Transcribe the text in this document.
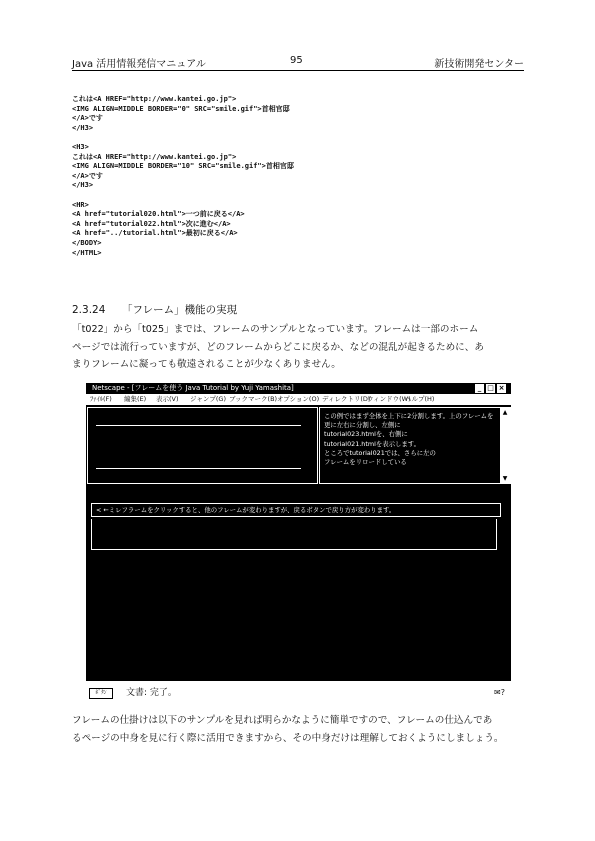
Java 活用情報発信マニュアル	95	新技術開発センター
これは<A HREF="http://www.kantei.go.jp">
<IMG ALIGN=MIDDLE BORDER="0" SRC="smile.gif">首相官邸
</A>です
</H3>
<H3>
これは<A HREF="http://www.kantei.go.jp">
<IMG ALIGN=MIDDLE BORDER="10" SRC="smile.gif">首相官邸
</A>です
</H3>
<HR>
<A href="tutorial020.html">一つ前に戻る</A>
<A href="tutorial022.html">次に進む</A>
<A href="../tutorial.html">最初に戻る</A>
</BODY>
</HTML>
2.3.24 「フレーム」機能の実現
「t022」から「t025」までは、フレームのサンプルとなっています。フレームは一部のホーム
ページでは流行っていますが、どのフレームからどこに戻るか、などの混乱が起きるために、あ
まりフレームに凝っても敬遠されることが少なくありません。
Netscape - [フレームを使う Java Tutorial by Yuji Yamashita]	_ □ ×
ﾌｧｲﾙ(F) 編集(E) 表示(V) ジャンプ(G) ブックマーク(B) オプション(O) ディレクトリ(D)
ウィンドウ(W)
ヘルプ(H)
この例ではまず全体を上下に2分割します。上のフレームを更に左右に分割し、左側に
tutorial023.htmlを、右側に
tutorial021.htmlを表示します。
ところでtutorial021では、さらに左の
フレームをリロードしている
▲
▼
< ←ミレフラームをクリックすると、他のフレームが変わりますが、戻るボタンで戻り方が変わります。
ﾎﾞﾀﾝ	文書: 完了。	✉?
フレームの仕掛けは以下のサンプルを見れば明らかなように簡単ですので、フレームの仕込んであ
るページの中身を見に行く際に活用できますから、その中身だけは理解しておくようにしましょう。
